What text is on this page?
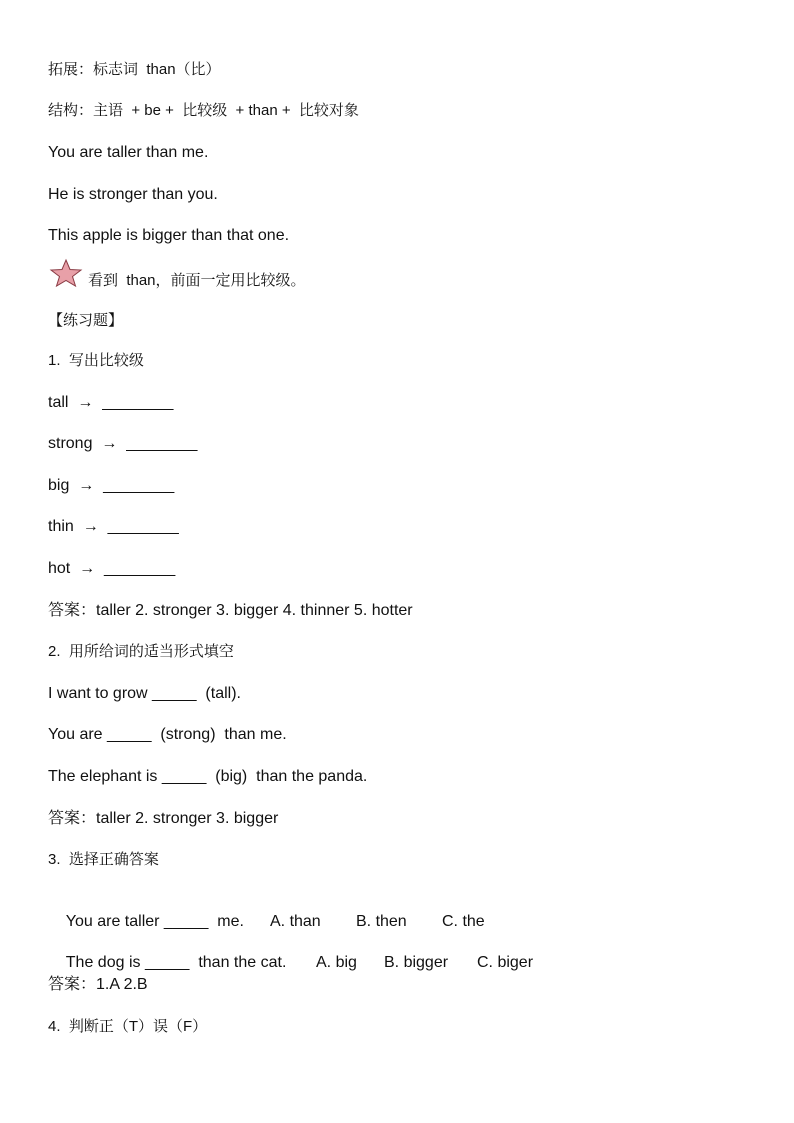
拓展：标志词  than（比）
结构：主语  + be +  比较级  + than +  比较对象
You are taller than me.
He is stronger than you.
This apple is bigger than that one.
看到  than，前面一定用比较级。
【练习题】
1.  写出比较级
tall  →  ________
strong  →  ________
big  →  ________
thin  →  ________
hot  →  ________
答案：taller 2. stronger 3. bigger 4. thinner 5. hotter
2.  用所给词的适当形式填空
I want to grow _____  (tall).
You are _____  (strong)  than me.
The elephant is _____  (big)  than the panda.
答案：taller 2. stronger 3. bigger
3.  选择正确答案

You are taller _____  me. A. than B. then C. the

The dog is _____  than the cat. A. big B. bigger C. biger

答案：1.A 2.B
4.  判断正（T）误（F）
